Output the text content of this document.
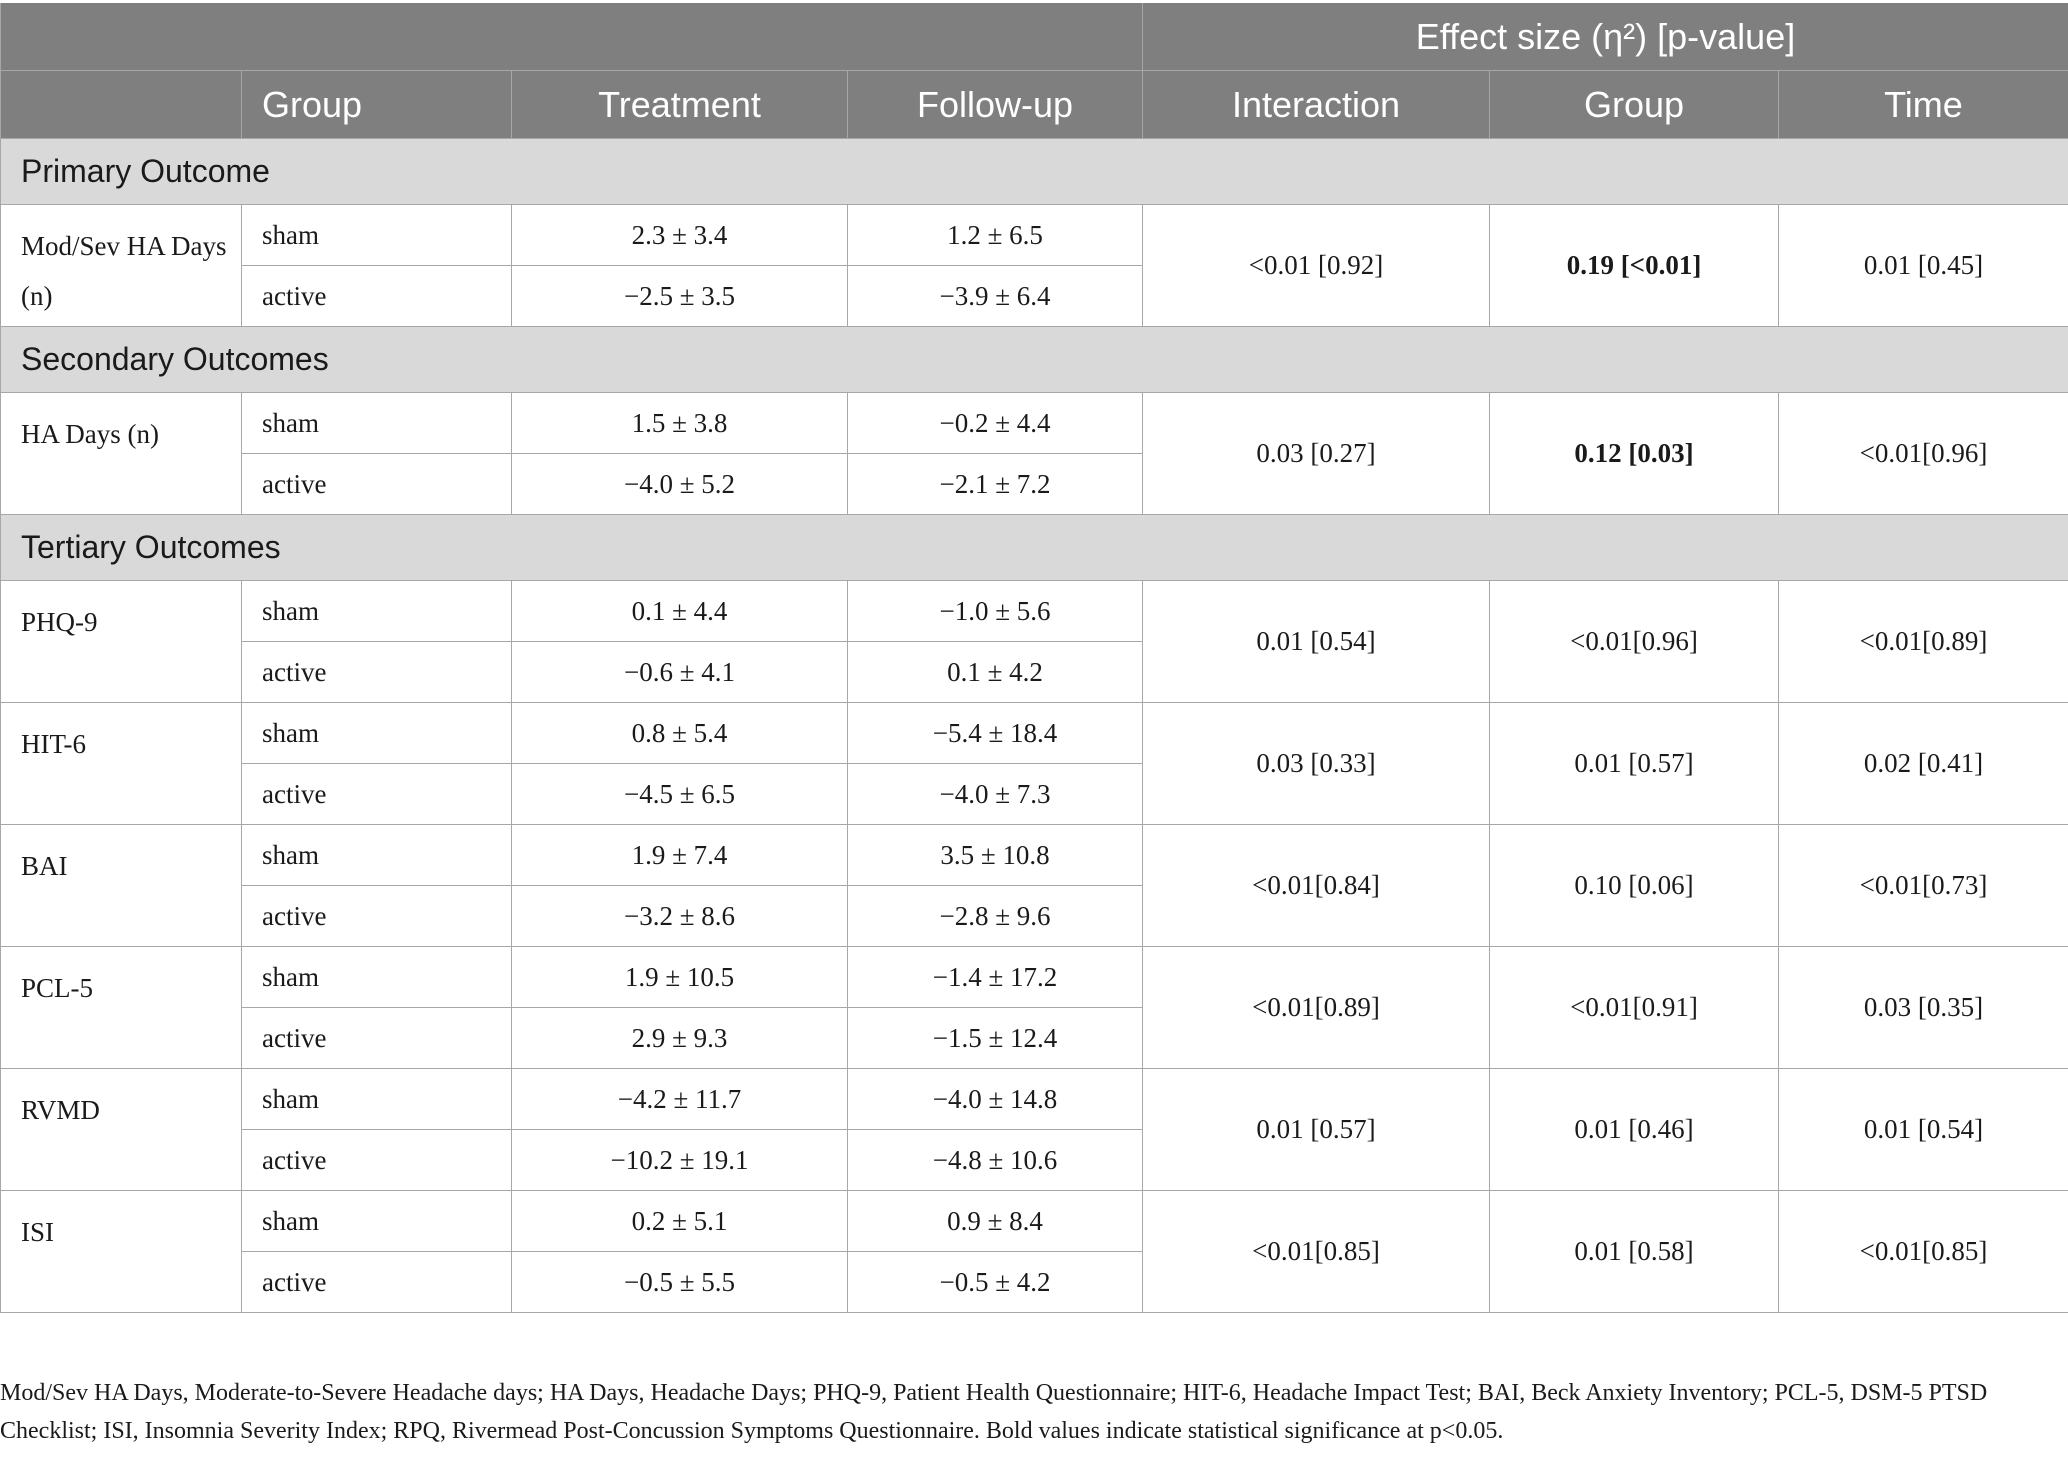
				Effect size (η²) [p-value]		
	Group	Treatment	Follow-up	Interaction	Group	Time
Primary Outcome						
Mod/Sev HA Days (n)	sham	2.3 ± 3.4	1.2 ± 6.5	<0.01 [0.92]	0.19 [<0.01]	0.01 [0.45]
	active	−2.5 ± 3.5	−3.9 ± 6.4			
Secondary Outcomes						
HA Days (n)	sham	1.5 ± 3.8	−0.2 ± 4.4	0.03 [0.27]	0.12 [0.03]	<0.01[0.96]
	active	−4.0 ± 5.2	−2.1 ± 7.2			
Tertiary Outcomes						
PHQ-9	sham	0.1 ± 4.4	−1.0 ± 5.6	0.01 [0.54]	<0.01[0.96]	<0.01[0.89]
	active	−0.6 ± 4.1	0.1 ± 4.2			
HIT-6	sham	0.8 ± 5.4	−5.4 ± 18.4	0.03 [0.33]	0.01 [0.57]	0.02 [0.41]
	active	−4.5 ± 6.5	−4.0 ± 7.3			
BAI	sham	1.9 ± 7.4	3.5 ± 10.8	<0.01[0.84]	0.10 [0.06]	<0.01[0.73]
	active	−3.2 ± 8.6	−2.8 ± 9.6			
PCL-5	sham	1.9 ± 10.5	−1.4 ± 17.2	<0.01[0.89]	<0.01[0.91]	0.03 [0.35]
	active	2.9 ± 9.3	−1.5 ± 12.4			
RVMD	sham	−4.2 ± 11.7	−4.0 ± 14.8	0.01 [0.57]	0.01 [0.46]	0.01 [0.54]
	active	−10.2 ± 19.1	−4.8 ± 10.6			
ISI	sham	0.2 ± 5.1	0.9 ± 8.4	<0.01[0.85]	0.01 [0.58]	<0.01[0.85]
	active	−0.5 ± 5.5	−0.5 ± 4.2			
Mod/Sev HA Days, Moderate-to-Severe Headache days; HA Days, Headache Days; PHQ-9, Patient Health Questionnaire; HIT-6, Headache Impact Test; BAI, Beck Anxiety Inventory; PCL-5, DSM-5 PTSD Checklist; ISI, Insomnia Severity Index; RPQ, Rivermead Post-Concussion Symptoms Questionnaire. Bold values indicate statistical significance at p<0.05.
